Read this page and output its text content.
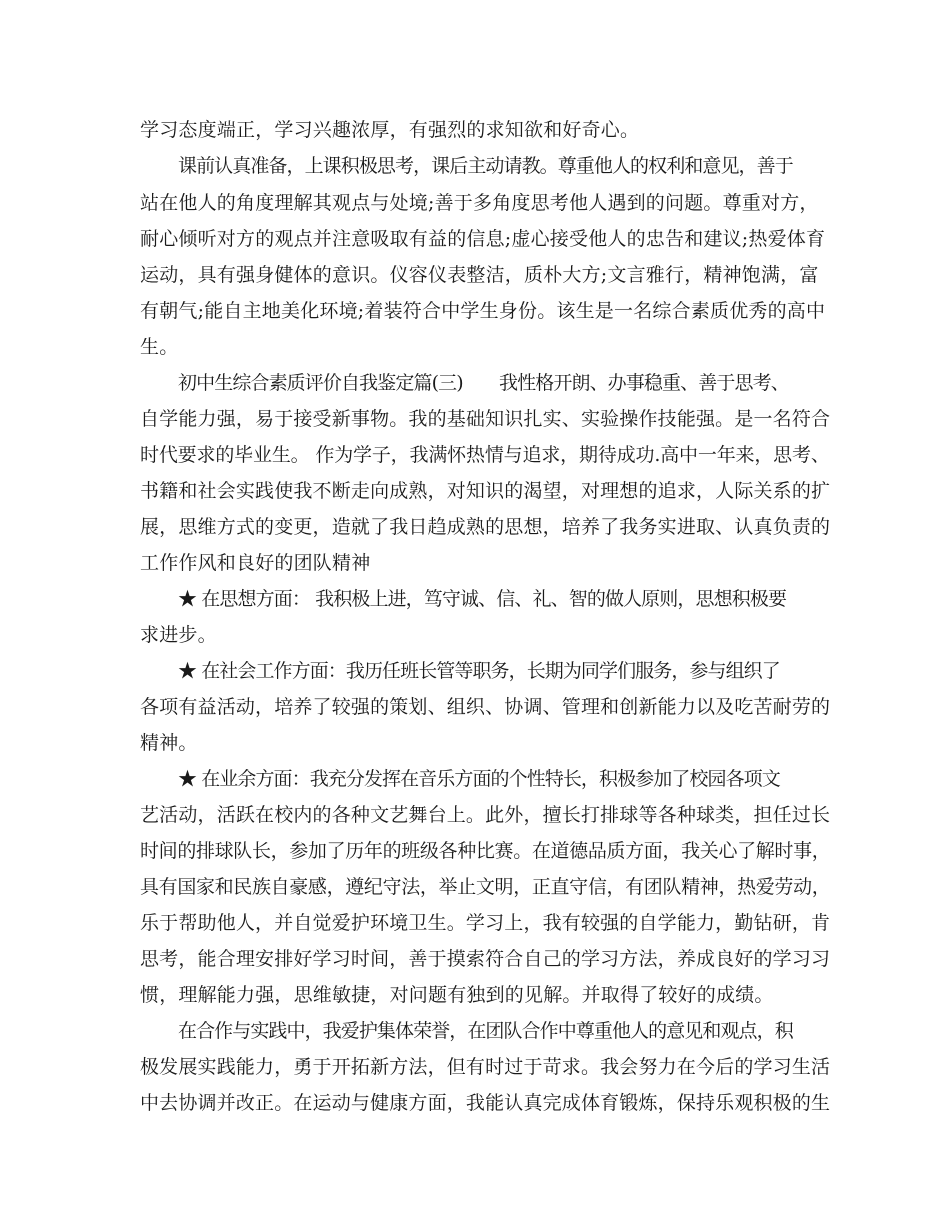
学习态度端正，学习兴趣浓厚，有强烈的求知欲和好奇心。
课前认真准备，上课积极思考，课后主动请教。尊重他人的权利和意见，善于
站在他人的角度理解其观点与处境;善于多角度思考他人遇到的问题。尊重对方，
耐心倾听对方的观点并注意吸取有益的信息;虚心接受他人的忠告和建议;热爱体育
运动，具有强身健体的意识。仪容仪表整洁，质朴大方;文言雅行，精神饱满，富
有朝气;能自主地美化环境;着装符合中学生身份。该生是一名综合素质优秀的高中
生。
初中生综合素质评价自我鉴定篇(三)　　我性格开朗、办事稳重、善于思考、
自学能力强，易于接受新事物。我的基础知识扎实、实验操作技能强。是一名符合
时代要求的毕业生。 作为学子，我满怀热情与追求，期待成功.高中一年来，思考、
书籍和社会实践使我不断走向成熟，对知识的渴望，对理想的追求，人际关系的扩
展，思维方式的变更，造就了我日趋成熟的思想，培养了我务实进取、认真负责的
工作作风和良好的团队精神
★ 在思想方面： 我积极上进，笃守诚、信、礼、智的做人原则，思想积极要
求进步。
★ 在社会工作方面：我历任班长管等职务，长期为同学们服务，参与组织了
各项有益活动，培养了较强的策划、组织、协调、管理和创新能力以及吃苦耐劳的
精神。
★ 在业余方面：我充分发挥在音乐方面的个性特长，积极参加了校园各项文
艺活动，活跃在校内的各种文艺舞台上。此外，擅长打排球等各种球类，担任过长
时间的排球队长，参加了历年的班级各种比赛。在道德品质方面，我关心了解时事，
具有国家和民族自豪感，遵纪守法，举止文明，正直守信，有团队精神，热爱劳动，
乐于帮助他人，并自觉爱护环境卫生。学习上，我有较强的自学能力，勤钻研，肯
思考，能合理安排好学习时间，善于摸索符合自己的学习方法，养成良好的学习习
惯，理解能力强，思维敏捷，对问题有独到的见解。并取得了较好的成绩。
在合作与实践中，我爱护集体荣誉，在团队合作中尊重他人的意见和观点，积
极发展实践能力，勇于开拓新方法，但有时过于苛求。我会努力在今后的学习生活
中去协调并改正。在运动与健康方面，我能认真完成体育锻炼，保持乐观积极的生
